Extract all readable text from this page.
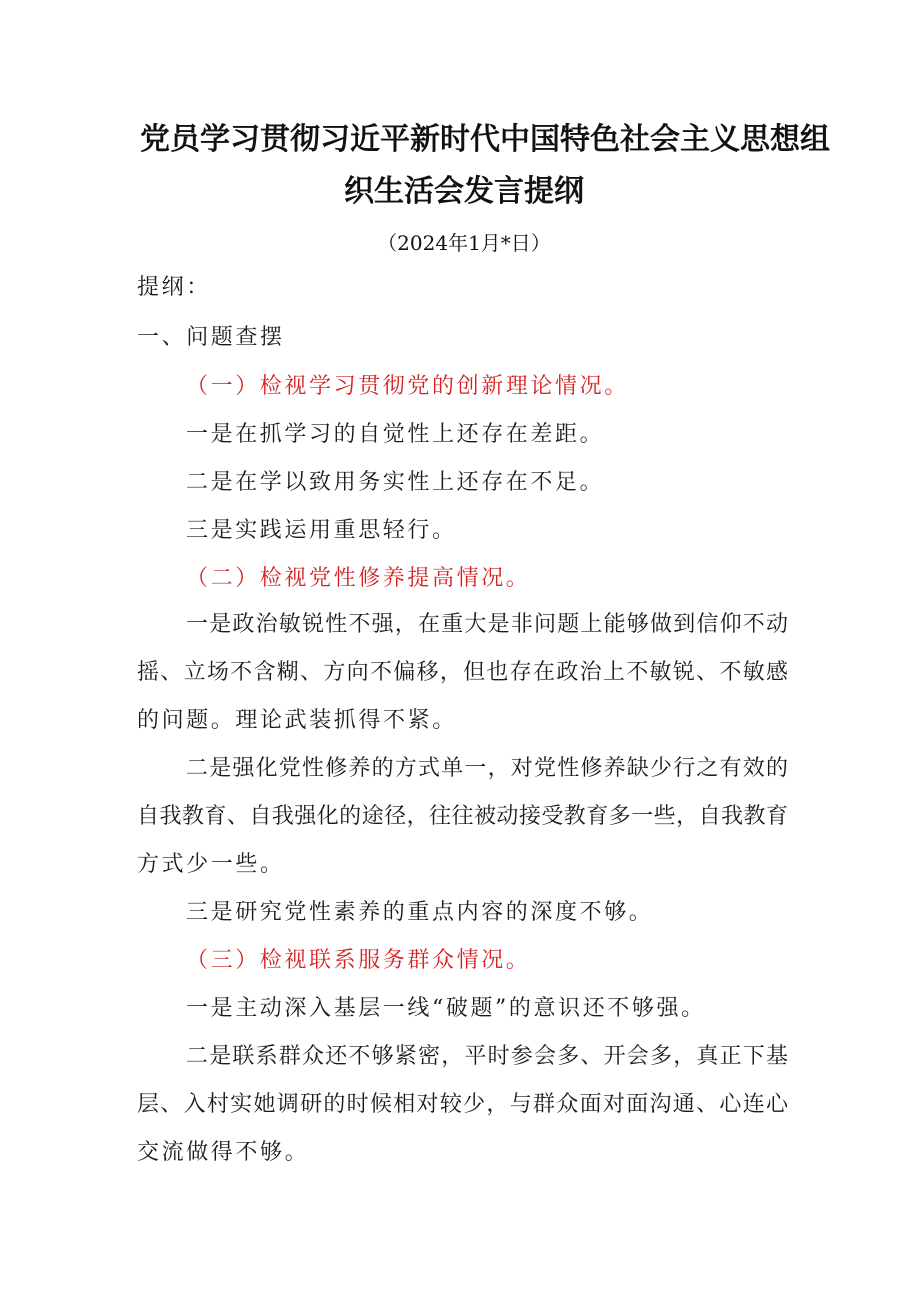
党员学习贯彻习近平新时代中国特色社会主义思想组
织生活会发言提纲
（2024年1月*日）
提纲：
一、问题查摆
（一）检视学习贯彻党的创新理论情况。
一是在抓学习的自觉性上还存在差距。
二是在学以致用务实性上还存在不足。
三是实践运用重思轻行。
（二）检视党性修养提高情况。
一是政治敏锐性不强，在重大是非问题上能够做到信仰不动
摇、立场不含糊、方向不偏移，但也存在政治上不敏锐、不敏感
的问题。理论武装抓得不紧。
二是强化党性修养的方式单一，对党性修养缺少行之有效的
自我教育、自我强化的途径，往往被动接受教育多一些，自我教育
方式少一些。
三是研究党性素养的重点内容的深度不够。
（三）检视联系服务群众情况。
一是主动深入基层一线“破题”的意识还不够强。
二是联系群众还不够紧密，平时参会多、开会多，真正下基
层、入村实她调研的时候相对较少，与群众面对面沟通、心连心
交流做得不够。
